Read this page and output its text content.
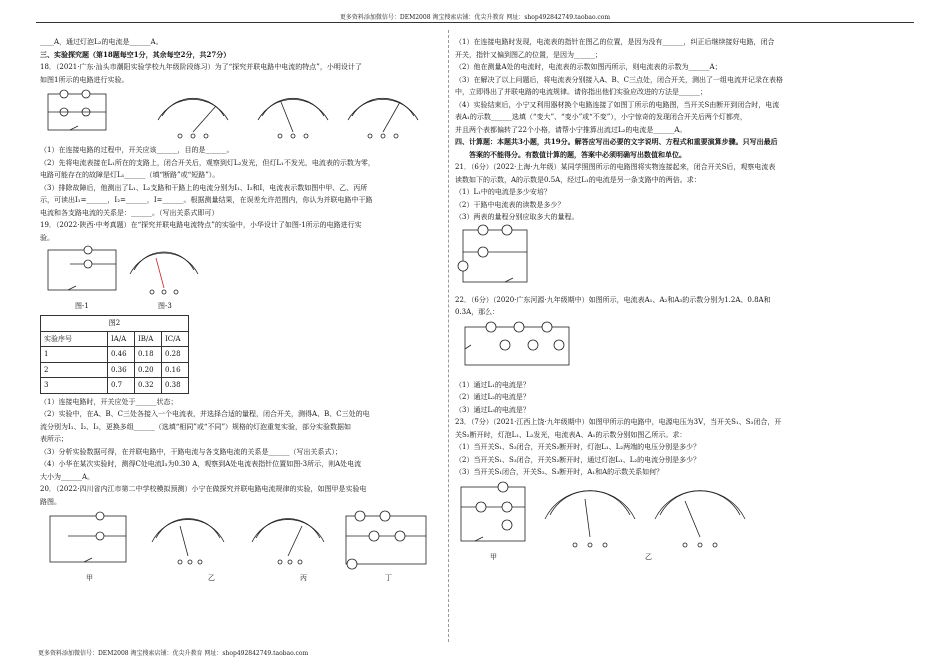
更多资料添加微信号：DEM2008 淘宝搜索店铺：优尖升教育 网址：shop492842749.taobao.com

____A，通过灯泡L₂的电流是______A。

三、实验探究题（第18题每空1分，其余每空2分，共27分）

18．（2021·广东·汕头市潮阳实验学校九年级阶段练习）为了“探究并联电路中电流的特点”，小明设计了

如图1所示的电路进行实验。

（1）在连接电路的过程中，开关应该______，目的是______。

（2）先将电流表接在L₁所在的支路上，闭合开关后，观察到灯L₂发光，但灯L₁不发光，电流表的示数为零，

电路可能存在的故障是灯L₁______（填“断路”或“短路”）。

（3）排除故障后，他测出了L₁、L₂支路和干路上的电流分别为I₁、I₂和I，电流表示数如图中甲、乙、丙所

示，可读出I₁=______，I₂=______，I=______。根据测量结果，在误差允许范围内，你认为并联电路中干路

电流和各支路电流的关系是：______。（写出关系式即可）

19．（2022·陕西·中考真题）在“探究并联电路电流特点”的实验中，小华设计了如图-1所示的电路进行实

验。

图-1	图-3
图2			
实验序号	IA/A	IB/A	IC/A
1	0.46	0.18	0.28
2	0.36	0.20	0.16
3	0.7	0.32	0.38

（1）连接电路时，开关应处于______状态；

（2）实验中，在A、B、C三处各接入一个电流表，并选择合适的量程，闭合开关，测得A、B、C三处的电

流分别为I₁、I₂、I₃，更换多组______（选填“相同”或“不同”）规格的灯泡重复实验，部分实验数据如

表所示；

（3）分析实验数据可得，在并联电路中，干路电流与各支路电流的关系是______（写出关系式）；

（4）小华在某次实验时，测得C处电流I₃为0.30 A，观察到A处电流表指针位置如图-3所示，则A处电流

大小为______A。

20．（2022·四川省内江市第二中学校模拟预测）小宁在做探究并联电路电流规律的实验，如图甲是实验电

路图。

甲	乙	丙	丁

（1）在连接电路时发现，电流表的指针在图乙的位置，是因为没有______，纠正后继续接好电路，闭合

开关，指针又偏到图乙的位置，是因为______；

（2）他在测量A处的电流时，电流表的示数如图丙所示，则电流表的示数为______A；

（3）在解决了以上问题后，将电流表分别接入A、B、C三点处，闭合开关，测出了一组电流并记录在表格

中，立即得出了并联电路的电流规律。请你指出他们实验应改进的方法是______；

（4）实验结束后，小宁又利用器材换个电路连接了如图丁所示的电路图，当开关S由断开到闭合时，电流

表A₁的示数______选填（“变大”、“变小”或“不变”），小宁惊奇的发现闭合开关后两个灯都亮，

并且两个表都偏转了22个小格，请帮小宁推算出流过L₂的电流是______A。

四、计算题：本题共3小题，共19分。解答应写出必要的文字说明、方程式和重要演算步骤。只写出最后

答案的不能得分。有数值计算的题，答案中必须明确写出数值和单位。

21．（6分）（2022·上海·九年级）某同学照图所示的电路图将实物连接起来，闭合开关S后，观察电流表

读数如下的示数，A的示数是0.5A，经过L₁的电流是另一条支路中的两倍。求：

（1）L₁中的电流是多少安培？

（2）干路中电流表的读数是多少？

（3）两表的量程分别应取多大的量程。

22．（6分）（2020·广东河源·九年级期中）如图所示，电流表A₁、A₂和A₃的示数分别为1.2A、0.8A和

0.3A，那么：

（1）通过L₁的电流是？

（2）通过L₂的电流是？

（3）通过L₃的电流是？

23．（7分）（2021·江西上饶·九年级期中）如图甲所示的电路中，电源电压为3V，当开关S₁、S₃闭合，开

关S₂断开时，灯泡L₁、L₂发光，电流表A、A₁的示数分别如图乙所示。求：

（1）当开关S₁、S₃闭合，开关S₂断开时，灯泡L₁、L₂两端的电压分别是多少？

（2）当开关S₁、S₃闭合，开关S₂断开时，通过灯泡L₁、L₂的电流分别是多少？

（3）当开关S₁闭合，开关S₂、S₃断开时，A₁和A的示数关系如何？

甲	乙
更多资料添加微信号：DEM2008 淘宝搜索店铺：优尖升教育 网址：shop492842749.taobao.com
